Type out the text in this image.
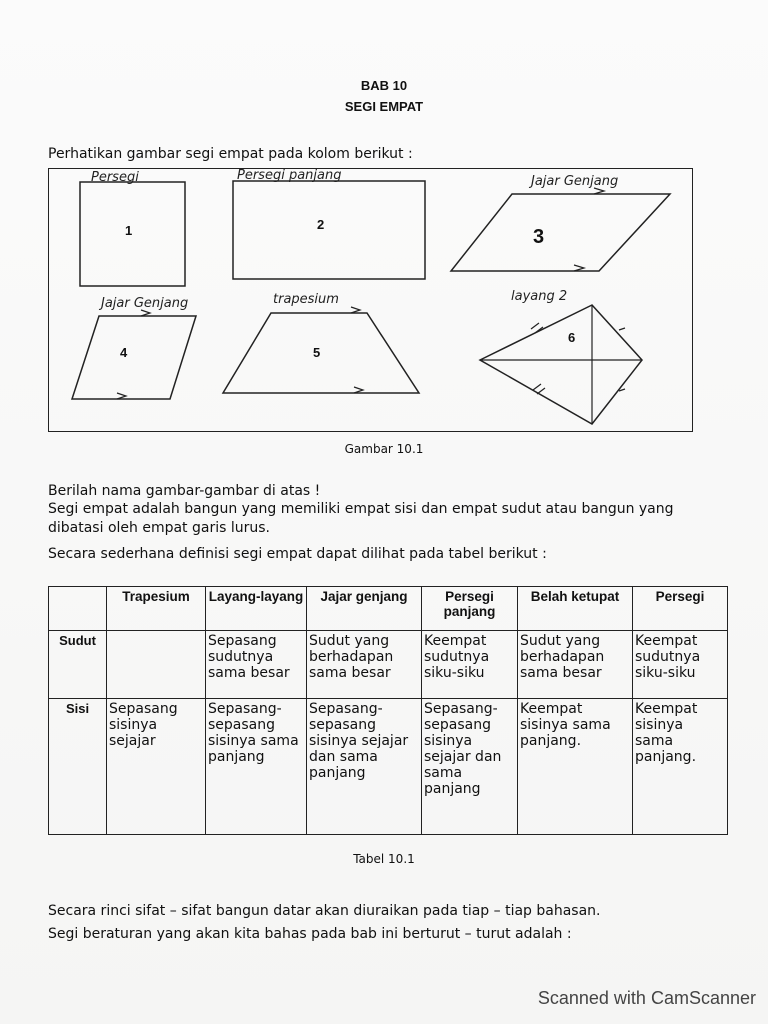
BAB 10
SEGI EMPAT
Perhatikan gambar segi empat pada kolom berikut :
Persegi
1
Persegi panjang
2
Jajar Genjang
3
Jajar Genjang
4
trapesium
5
layang 2
6
Gambar 10.1
Berilah nama gambar-gambar di atas !
Segi empat adalah bangun yang memiliki empat sisi dan empat sudut atau bangun yang dibatasi oleh empat garis lurus.
Secara sederhana definisi segi empat dapat dilihat pada tabel berikut :
	Trapesium	Layang-layang	Jajar genjang	Persegi panjang	Belah ketupat	Persegi
Sudut		Sepasang sudutnya sama besar	Sudut yang berhadapan sama besar	Keempat sudutnya siku-siku	Sudut yang berhadapan sama besar	Keempat sudutnya siku-siku
Sisi	Sepasang sisinya sejajar	Sepasang-sepasang sisinya sama panjang	Sepasang-sepasang sisinya sejajar dan sama panjang	Sepasang-sepasang sisinya sejajar dan sama panjang	Keempat sisinya sama panjang.	Keempat sisinya sama panjang.
Tabel 10.1
Secara rinci sifat – sifat bangun datar akan diuraikan pada tiap – tiap bahasan.
Segi beraturan yang akan kita bahas pada bab ini berturut – turut adalah :
Scanned with CamScanner
